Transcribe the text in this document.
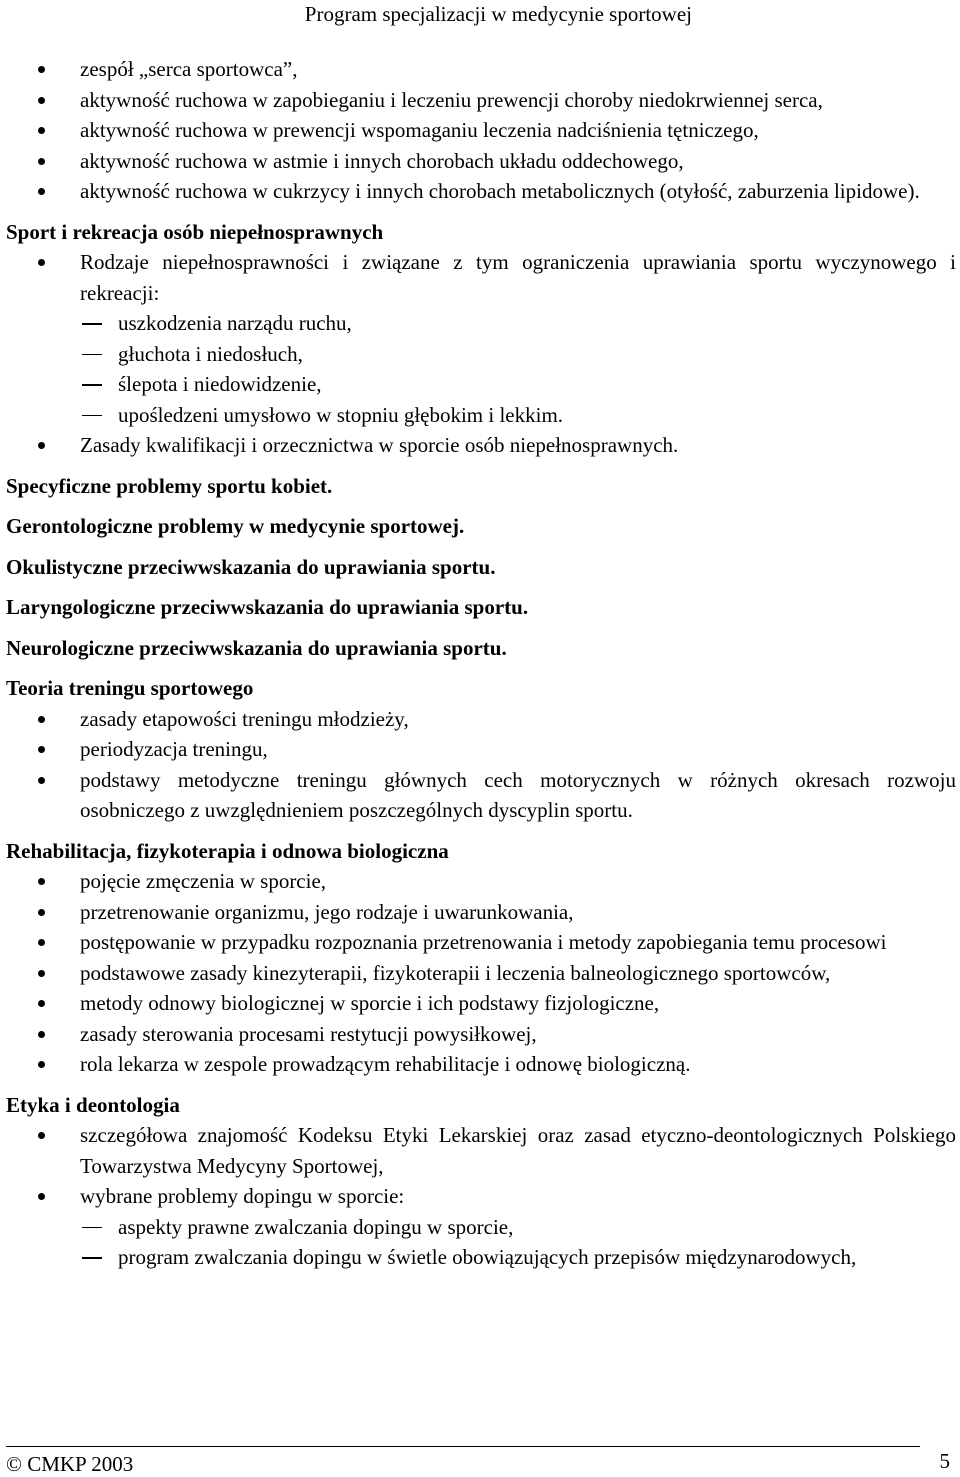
Program specjalizacji w medycynie sportowej
zespół „serca sportowca”,
aktywność ruchowa w zapobieganiu i leczeniu prewencji choroby niedokrwiennej serca,
aktywność ruchowa w prewencji wspomaganiu leczenia nadciśnienia tętniczego,
aktywność ruchowa w astmie i innych chorobach układu oddechowego,
aktywność ruchowa w cukrzycy i innych chorobach metabolicznych (otyłość, zaburzenia lipidowe).
Sport i rekreacja osób niepełnosprawnych
Rodzaje niepełnosprawności i związane z tym ograniczenia uprawiania sportu wyczynowego i rekreacji:
uszkodzenia narządu ruchu,
głuchota i niedosłuch,
ślepota i niedowidzenie,
upośledzeni umysłowo w stopniu głębokim i lekkim.
Zasady kwalifikacji i orzecznictwa w sporcie osób niepełnosprawnych.
Specyficzne problemy sportu kobiet.
Gerontologiczne problemy w medycynie sportowej.
Okulistyczne przeciwwskazania do uprawiania sportu.
Laryngologiczne przeciwwskazania do uprawiania sportu.
Neurologiczne przeciwwskazania do uprawiania sportu.
Teoria treningu sportowego
zasady etapowości treningu młodzieży,
periodyzacja treningu,
podstawy metodyczne treningu głównych cech motorycznych w różnych okresach rozwoju osobniczego z uwzględnieniem poszczególnych dyscyplin sportu.
Rehabilitacja, fizykoterapia i odnowa biologiczna
pojęcie zmęczenia w sporcie,
przetrenowanie organizmu, jego rodzaje i uwarunkowania,
postępowanie w przypadku rozpoznania przetrenowania i metody zapobiegania temu procesowi
podstawowe zasady kinezyterapii, fizykoterapii i leczenia balneologicznego sportowców,
metody odnowy biologicznej w sporcie i ich podstawy fizjologiczne,
zasady sterowania procesami restytucji powysiłkowej,
rola lekarza w zespole prowadzącym rehabilitacje i odnowę biologiczną.
Etyka i deontologia
szczegółowa znajomość Kodeksu Etyki Lekarskiej oraz zasad etyczno-deontologicznych Polskiego Towarzystwa Medycyny Sportowej,
wybrane problemy dopingu w sporcie:
aspekty prawne zwalczania dopingu w sporcie,
program zwalczania dopingu w świetle obowiązujących przepisów międzynarodowych,
© CMKP 2003	5
